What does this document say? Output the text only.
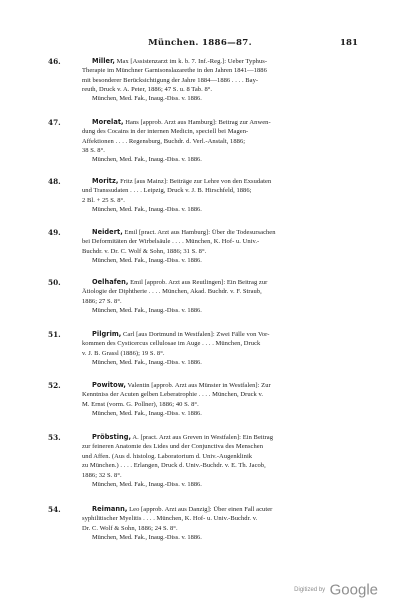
München. 1886—87.	181
46.	Miller, Max [Assistenzarzt im k. b. 7. Inf.-Reg.]: Ueber Typhus-
Therapie im Münchner Garnisonslazarethe in den Jahren 1841—1886
mit besonderer Berücksichtigung der Jahre 1884—1886 . . . . Bay-
reuth, Druck v. A. Peter, 1886; 47 S. u. 8 Tab. 8°.
München, Med. Fak., Inaug.-Diss. v. 1886.
47.	Morelat, Hans [approb. Arzt aus Hamburg]: Beitrag zur Anwen-
dung des Cocains in der internen Medicin, speciell bei Magen-
Affektionen . . . . Regensburg, Buchdr. d. Verl.-Anstalt, 1886;
38 S. 8°.
München, Med. Fak., Inaug.-Diss. v. 1886.
48.	Moritz, Fritz [aus Mainz]: Beiträge zur Lehre von den Exsudaten
und Transsudaten . . . . Leipzig, Druck v. J. B. Hirschfeld, 1886;
2 Bl. + 25 S. 8°.
München, Med. Fak., Inaug.-Diss. v. 1886.
49.	Neidert, Emil [pract. Arzt aus Hamburg]: Über die Todesursachen
bei Deformitäten der Wirbelsäule . . . . München, K. Hof- u. Univ.-
Buchdr. v. Dr. C. Wolf & Sohn, 1886; 31 S. 8°.
München, Med. Fak., Inaug.-Diss. v. 1886.
50.	Oelhafen, Emil [approb. Arzt aus Reutlingen]: Ein Beitrag zur
Ätiologie der Diphtherie . . . . München, Akad. Buchdr. v. F. Straub,
1886; 27 S. 8°.
München, Med. Fak., Inaug.-Diss. v. 1886.
51.	Pilgrim, Carl [aus Dortmund in Westfalen]: Zwei Fälle von Vor-
kommen des Cysticercus cellulosae im Auge . . . . München, Druck
v. J. B. Grassl (1886); 19 S. 8°.
München, Med. Fak., Inaug.-Diss. v. 1886.
52.	Powitow, Valentin [approb. Arzt aus Münster in Westfalen]: Zur
Kenntniss der Acuten gelben Leberatrophie . . . . München, Druck v.
M. Ernst (vorm. G. Pollner), 1886; 40 S. 8°.
München, Med. Fak., Inaug.-Diss. v. 1886.
53.	Pröbsting, A. [pract. Arzt aus Greven in Westfalen]: Ein Beitrag
zur feineren Anatomie des Lides und der Conjunctiva des Menschen
und Affen. (Aus d. histolog. Laboratorium d. Univ.-Augenklinik
zu München.) . . . . Erlangen, Druck d. Univ.-Buchdr. v. E. Th. Jacob,
1886; 32 S. 8°.
München, Med. Fak., Inaug.-Diss. v. 1886.
54.	Reimann, Leo [approb. Arzt aus Danzig]: Über einen Fall acuter
syphilitischer Myelitis . . . . München, K. Hof- u. Univ.-Buchdr. v.
Dr. C. Wolf & Sohn, 1886; 24 S. 8°.
München, Med. Fak., Inaug.-Diss. v. 1886.
Digitized by Google
